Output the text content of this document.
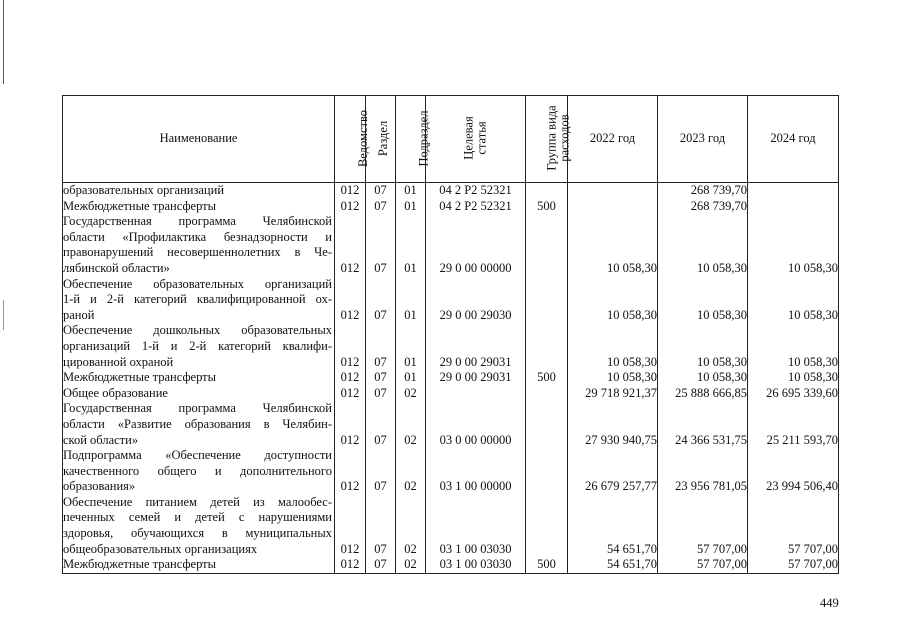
Наименование	Ведомство	Раздел	Подраздел	Целевая
статья	Группа вида
расходов	2022 год	2023 год	2024 год

образовательных организаций	012	07	01	04 2 P2 52321			268 739,70	

Межбюджетные трансферты	012	07	01	04 2 P2 52321	500		268 739,70	

Государственная программа Челябинской
области «Профилактика безнадзорности и
правонарушений несовершеннолетних в Че-
лябинской области»	012	07	01	29 0 00 00000		10 058,30	10 058,30	10 058,30

Обеспечение образовательных организаций
1-й и 2-й категорий квалифицированной ох-
раной	012	07	01	29 0 00 29030		10 058,30	10 058,30	10 058,30

Обеспечение дошкольных образовательных
организаций 1-й и 2-й категорий квалифи-
цированной охраной	012	07	01	29 0 00 29031		10 058,30	10 058,30	10 058,30

Межбюджетные трансферты	012	07	01	29 0 00 29031	500	10 058,30	10 058,30	10 058,30

Общее образование	012	07	02			29 718 921,37	25 888 666,85	26 695 339,60

Государственная программа Челябинской
области «Развитие образования в Челябин-
ской области»	012	07	02	03 0 00 00000		27 930 940,75	24 366 531,75	25 211 593,70

Подпрограмма «Обеспечение доступности
качественного общего и дополнительного
образования»	012	07	02	03 1 00 00000		26 679 257,77	23 956 781,05	23 994 506,40

Обеспечение питанием детей из малообес-
печенных семей и детей с нарушениями
здоровья, обучающихся в муниципальных
общеобразовательных организациях	012	07	02	03 1 00 03030		54 651,70	57 707,00	57 707,00

Межбюджетные трансферты	012	07	02	03 1 00 03030	500	54 651,70	57 707,00	57 707,00
449
